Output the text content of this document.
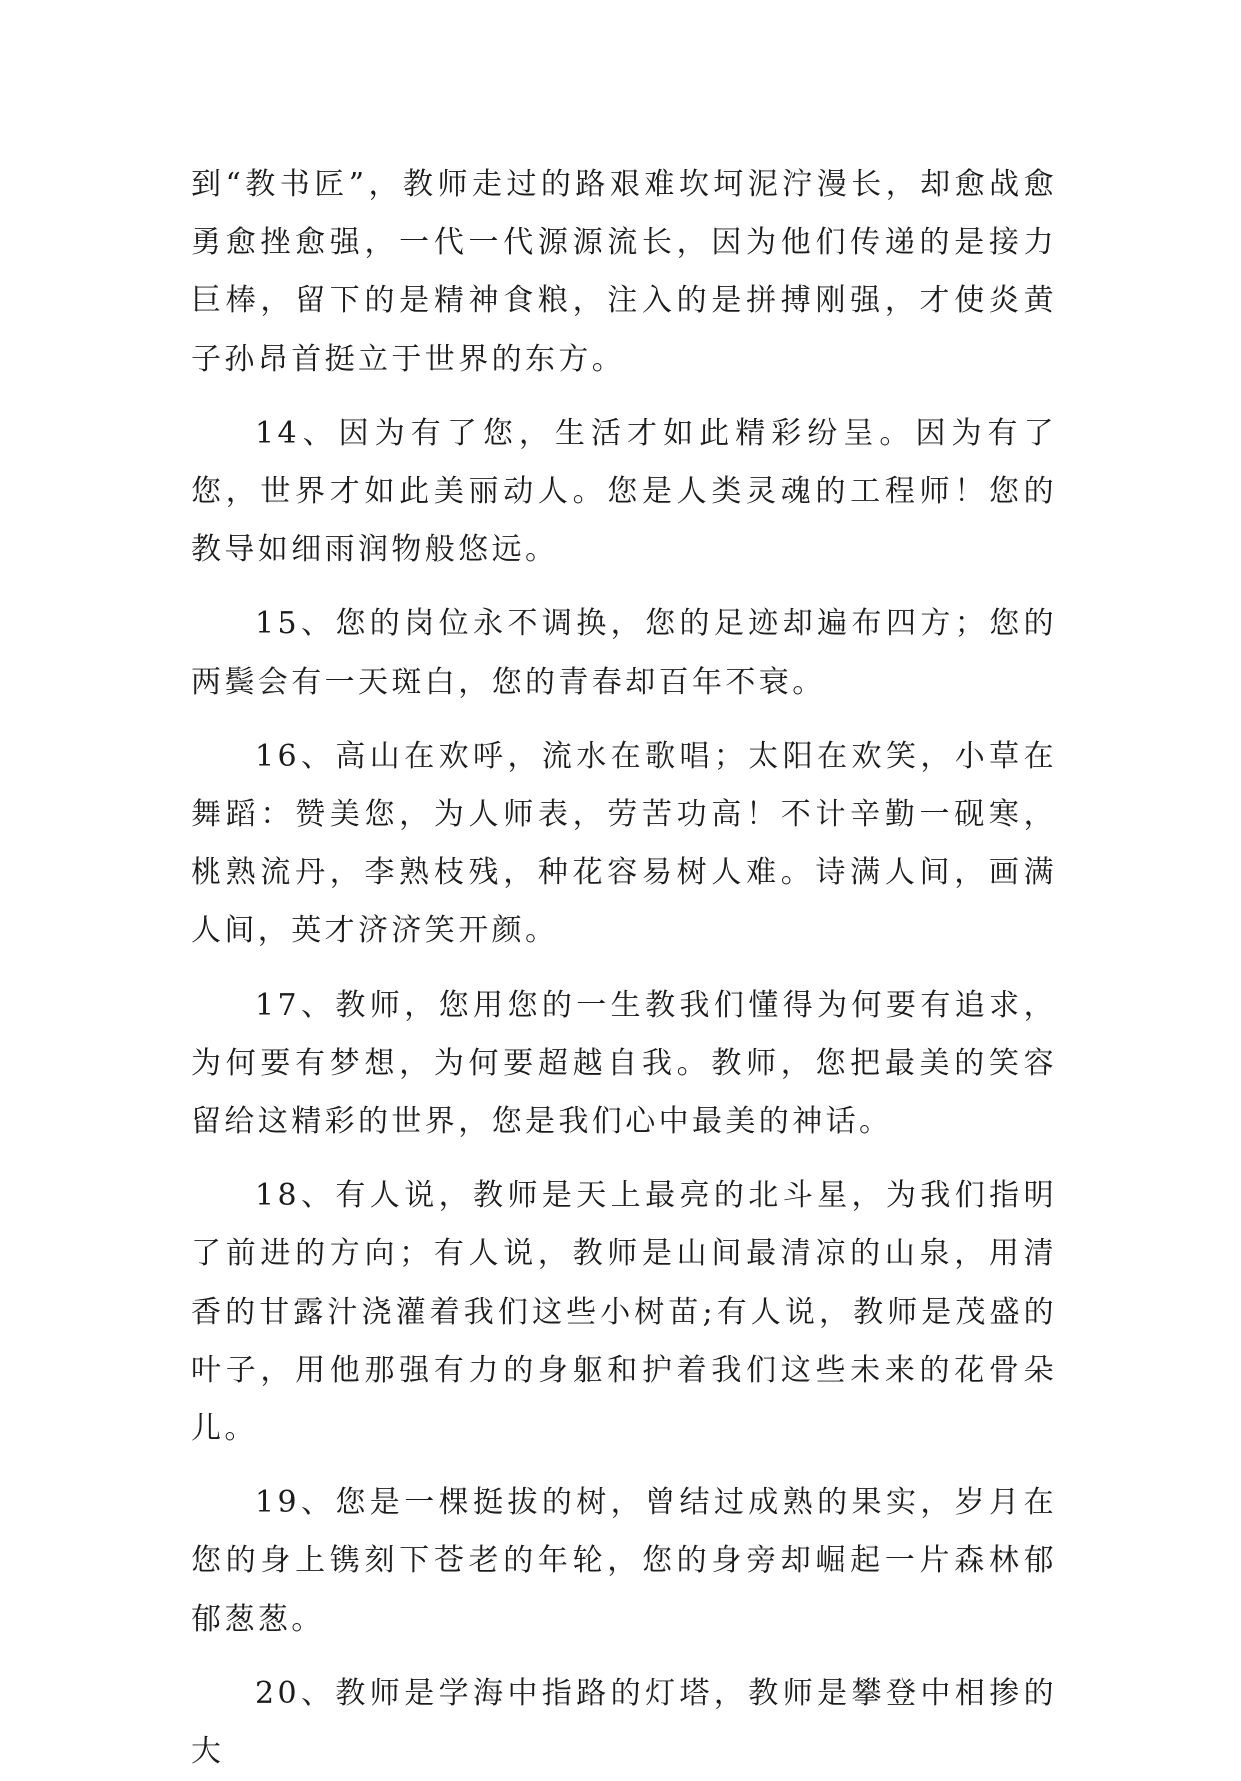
到“教书匠”，教师走过的路艰难坎坷泥泞漫长，却愈战愈勇愈挫愈强，一代一代源源流长，因为他们传递的是接力巨棒，留下的是精神食粮，注入的是拼搏刚强，才使炎黄子孙昂首挺立于世界的东方。

14、因为有了您，生活才如此精彩纷呈。因为有了您，世界才如此美丽动人。您是人类灵魂的工程师！您的教导如细雨润物般悠远。

15、您的岗位永不调换，您的足迹却遍布四方；您的两鬓会有一天斑白，您的青春却百年不衰。

16、高山在欢呼，流水在歌唱；太阳在欢笑，小草在舞蹈：赞美您，为人师表，劳苦功高！不计辛勤一砚寒，桃熟流丹，李熟枝残，种花容易树人难。诗满人间，画满人间，英才济济笑开颜。

17、教师，您用您的一生教我们懂得为何要有追求，为何要有梦想，为何要超越自我。教师，您把最美的笑容留给这精彩的世界，您是我们心中最美的神话。

18、有人说，教师是天上最亮的北斗星，为我们指明了前进的方向；有人说，教师是山间最清凉的山泉，用清香的甘露汁浇灌着我们这些小树苗;有人说，教师是茂盛的叶子，用他那强有力的身躯和护着我们这些未来的花骨朵儿。

19、您是一棵挺拔的树，曾结过成熟的果实，岁月在您的身上镌刻下苍老的年轮，您的身旁却崛起一片森林郁郁葱葱。

20、教师是学海中指路的灯塔，教师是攀登中相掺的大
